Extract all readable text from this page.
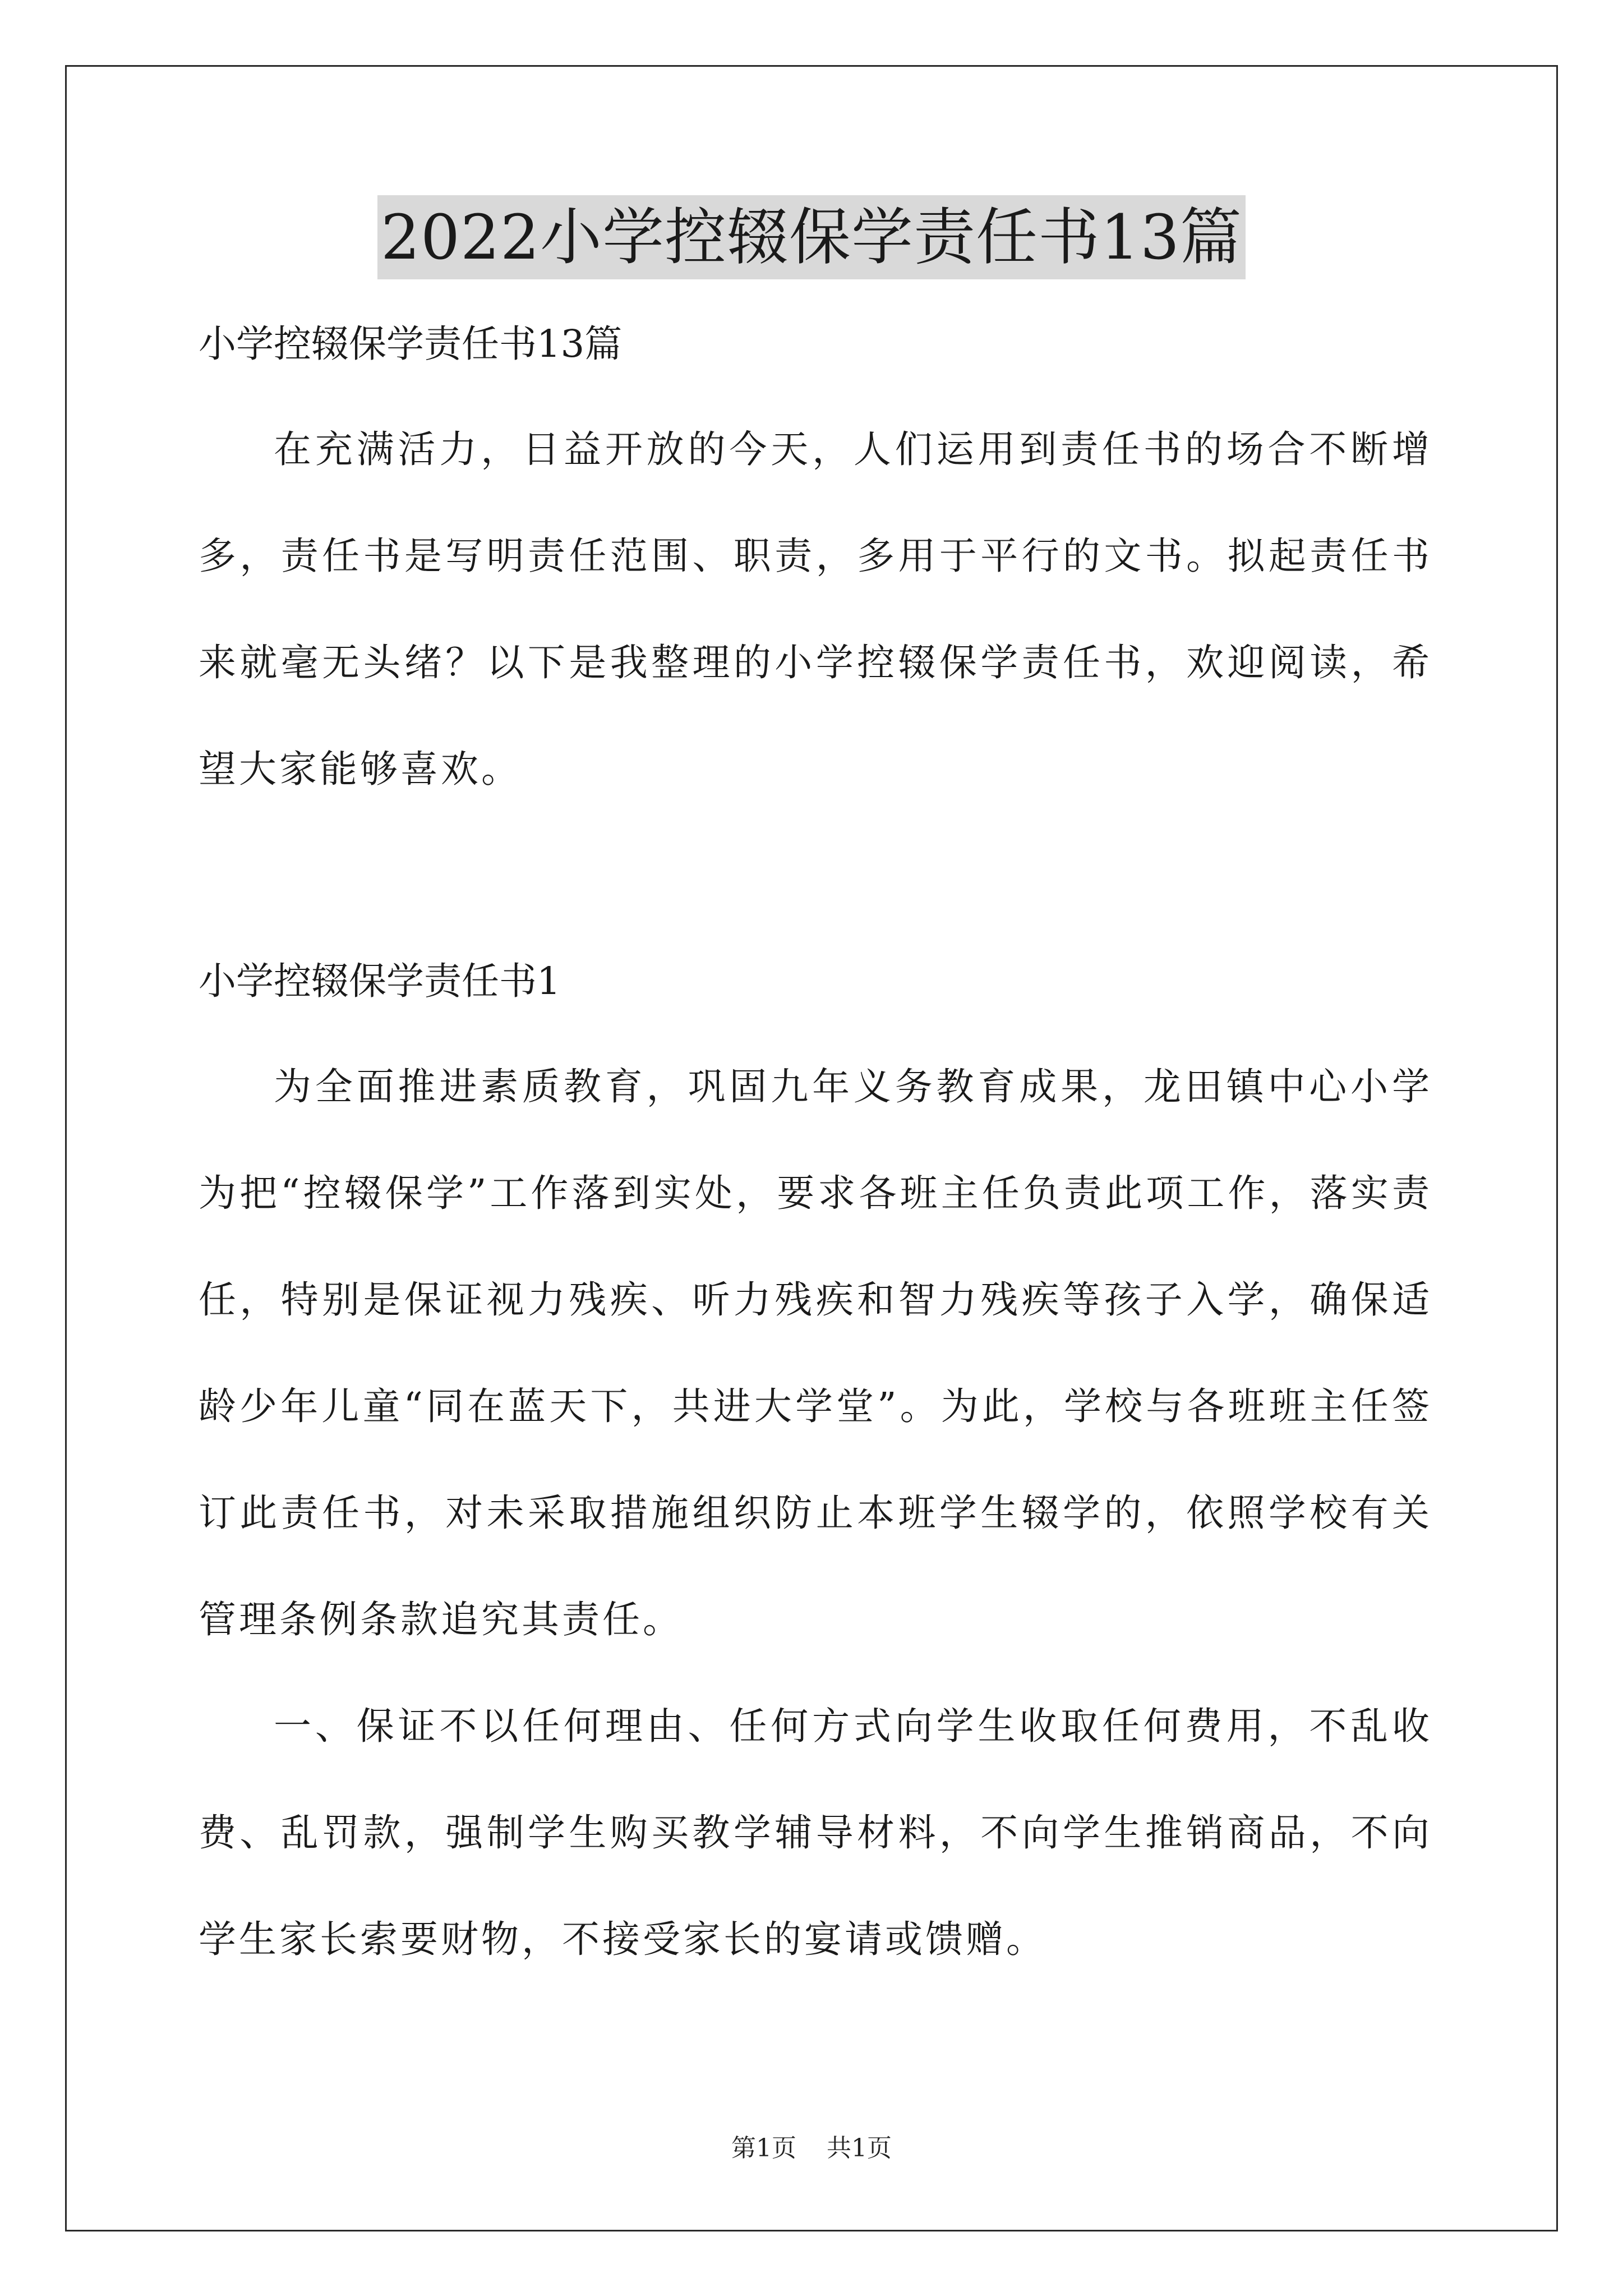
2022小学控辍保学责任书13篇

小学控辍保学责任书13篇

在充满活力，日益开放的今天，人们运用到责任书的场合不断增多，责任书是写明责任范围、职责，多用于平行的文书。拟起责任书来就毫无头绪？以下是我整理的小学控辍保学责任书，欢迎阅读，希望大家能够喜欢。

小学控辍保学责任书1

为全面推进素质教育，巩固九年义务教育成果，龙田镇中心小学为把“控辍保学”工作落到实处，要求各班主任负责此项工作，落实责任，特别是保证视力残疾、听力残疾和智力残疾等孩子入学，确保适龄少年儿童“同在蓝天下，共进大学堂”。为此，学校与各班班主任签订此责任书，对未采取措施组织防止本班学生辍学的，依照学校有关管理条例条款追究其责任。

一、保证不以任何理由、任何方式向学生收取任何费用，不乱收费、乱罚款，强制学生购买教学辅导材料，不向学生推销商品，不向学生家长索要财物，不接受家长的宴请或馈赠。

第1页 共1页
